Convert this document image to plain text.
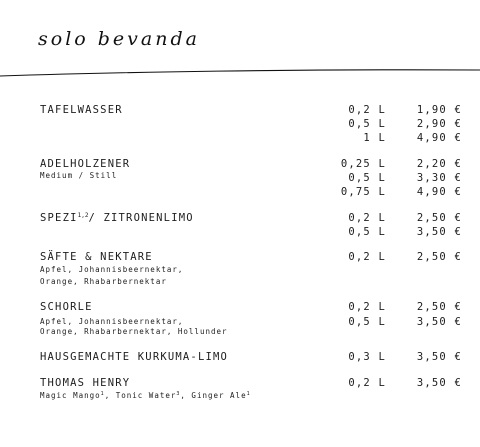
solo bevanda
TAFELWASSER	0,2 L	1,90 €
0,5 L	2,90 €
1 L	4,90 €
ADELHOLZENER
Medium / Still
0,25 L	2,20 €
0,5 L	3,30 €
0,75 L	4,90 €
SPEZI$^{1,2}$/ ZITRONENLIMO	0,2 L	2,50 €
0,5 L	3,50 €
SÄFTE & NEKTARE
Apfel, Johannisbeernektar,
Orange, Rhabarbernektar
0,2 L	2,50 €
SCHORLE
Apfel, Johannisbeernektar,
Orange, Rhabarbernektar, Hollunder
0,2 L	2,50 €
0,5 L	3,50 €
HAUSGEMACHTE KURKUMA-LIMO	0,3 L	3,50 €
THOMAS HENRY
Magic Mango$^1$, Tonic Water$^3$, Ginger Ale$^1$
0,2 L	3,50 €
